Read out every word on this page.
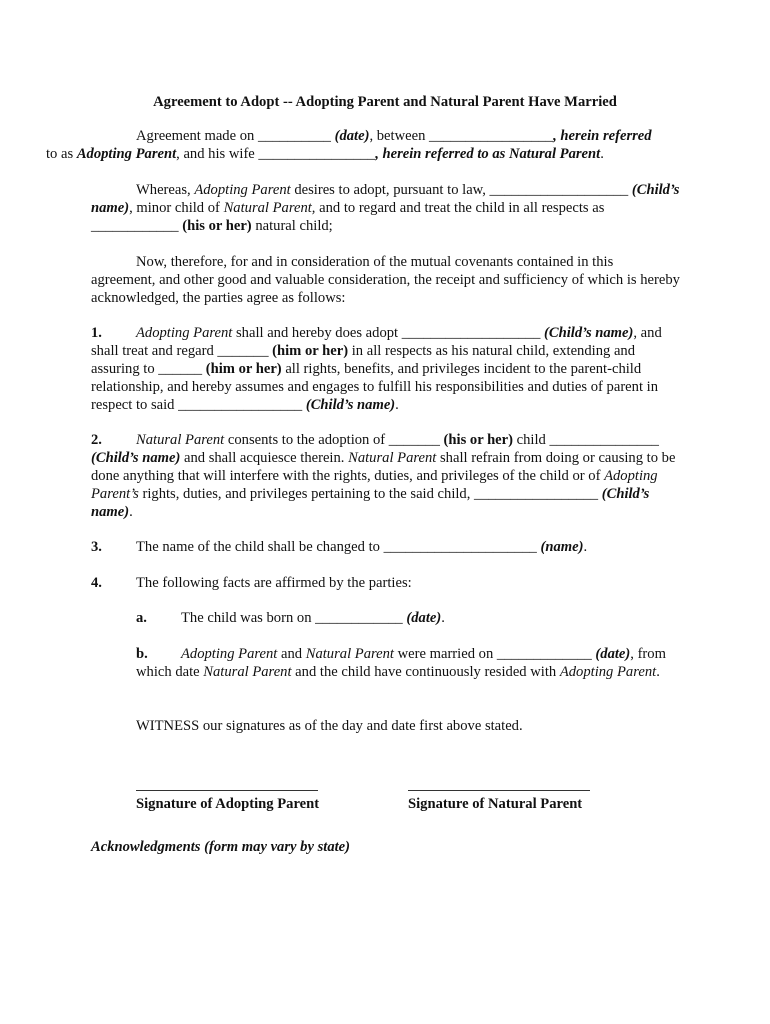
Agreement to Adopt -- Adopting Parent and Natural Parent Have Married
Agreement made on __________ (date), between _________________, herein referred
to as Adopting Parent, and his wife ________________, herein referred to as Natural Parent.
Whereas, Adopting Parent desires to adopt, pursuant to law, ___________________ (Child’s name), minor child of Natural Parent, and to regard and treat the child in all respects as ____________ (his or her) natural child;
Now, therefore, for and in consideration of the mutual covenants contained in this agreement, and other good and valuable consideration, the receipt and sufficiency of which is hereby acknowledged, the parties agree as follows:
1. Adopting Parent shall and hereby does adopt ___________________ (Child’s name), and shall treat and regard _______ (him or her) in all respects as his natural child, extending and assuring to ______ (him or her) all rights, benefits, and privileges incident to the parent-child relationship, and hereby assumes and engages to fulfill his responsibilities and duties of parent in respect to said _________________ (Child’s name).
2. Natural Parent consents to the adoption of _______ (his or her) child _______________ (Child’s name) and shall acquiesce therein. Natural Parent shall refrain from doing or causing to be done anything that will interfere with the rights, duties, and privileges of the child or of Adopting Parent’s rights, duties, and privileges pertaining to the said child, _________________ (Child’s name).
3. The name of the child shall be changed to _____________________ (name).
4. The following facts are affirmed by the parties:
a. The child was born on ____________ (date).
b. Adopting Parent and Natural Parent were married on _____________ (date), from which date Natural Parent and the child have continuously resided with Adopting Parent.
WITNESS our signatures as of the day and date first above stated.
Signature of Adopting Parent	Signature of Natural Parent
Acknowledgments (form may vary by state)
